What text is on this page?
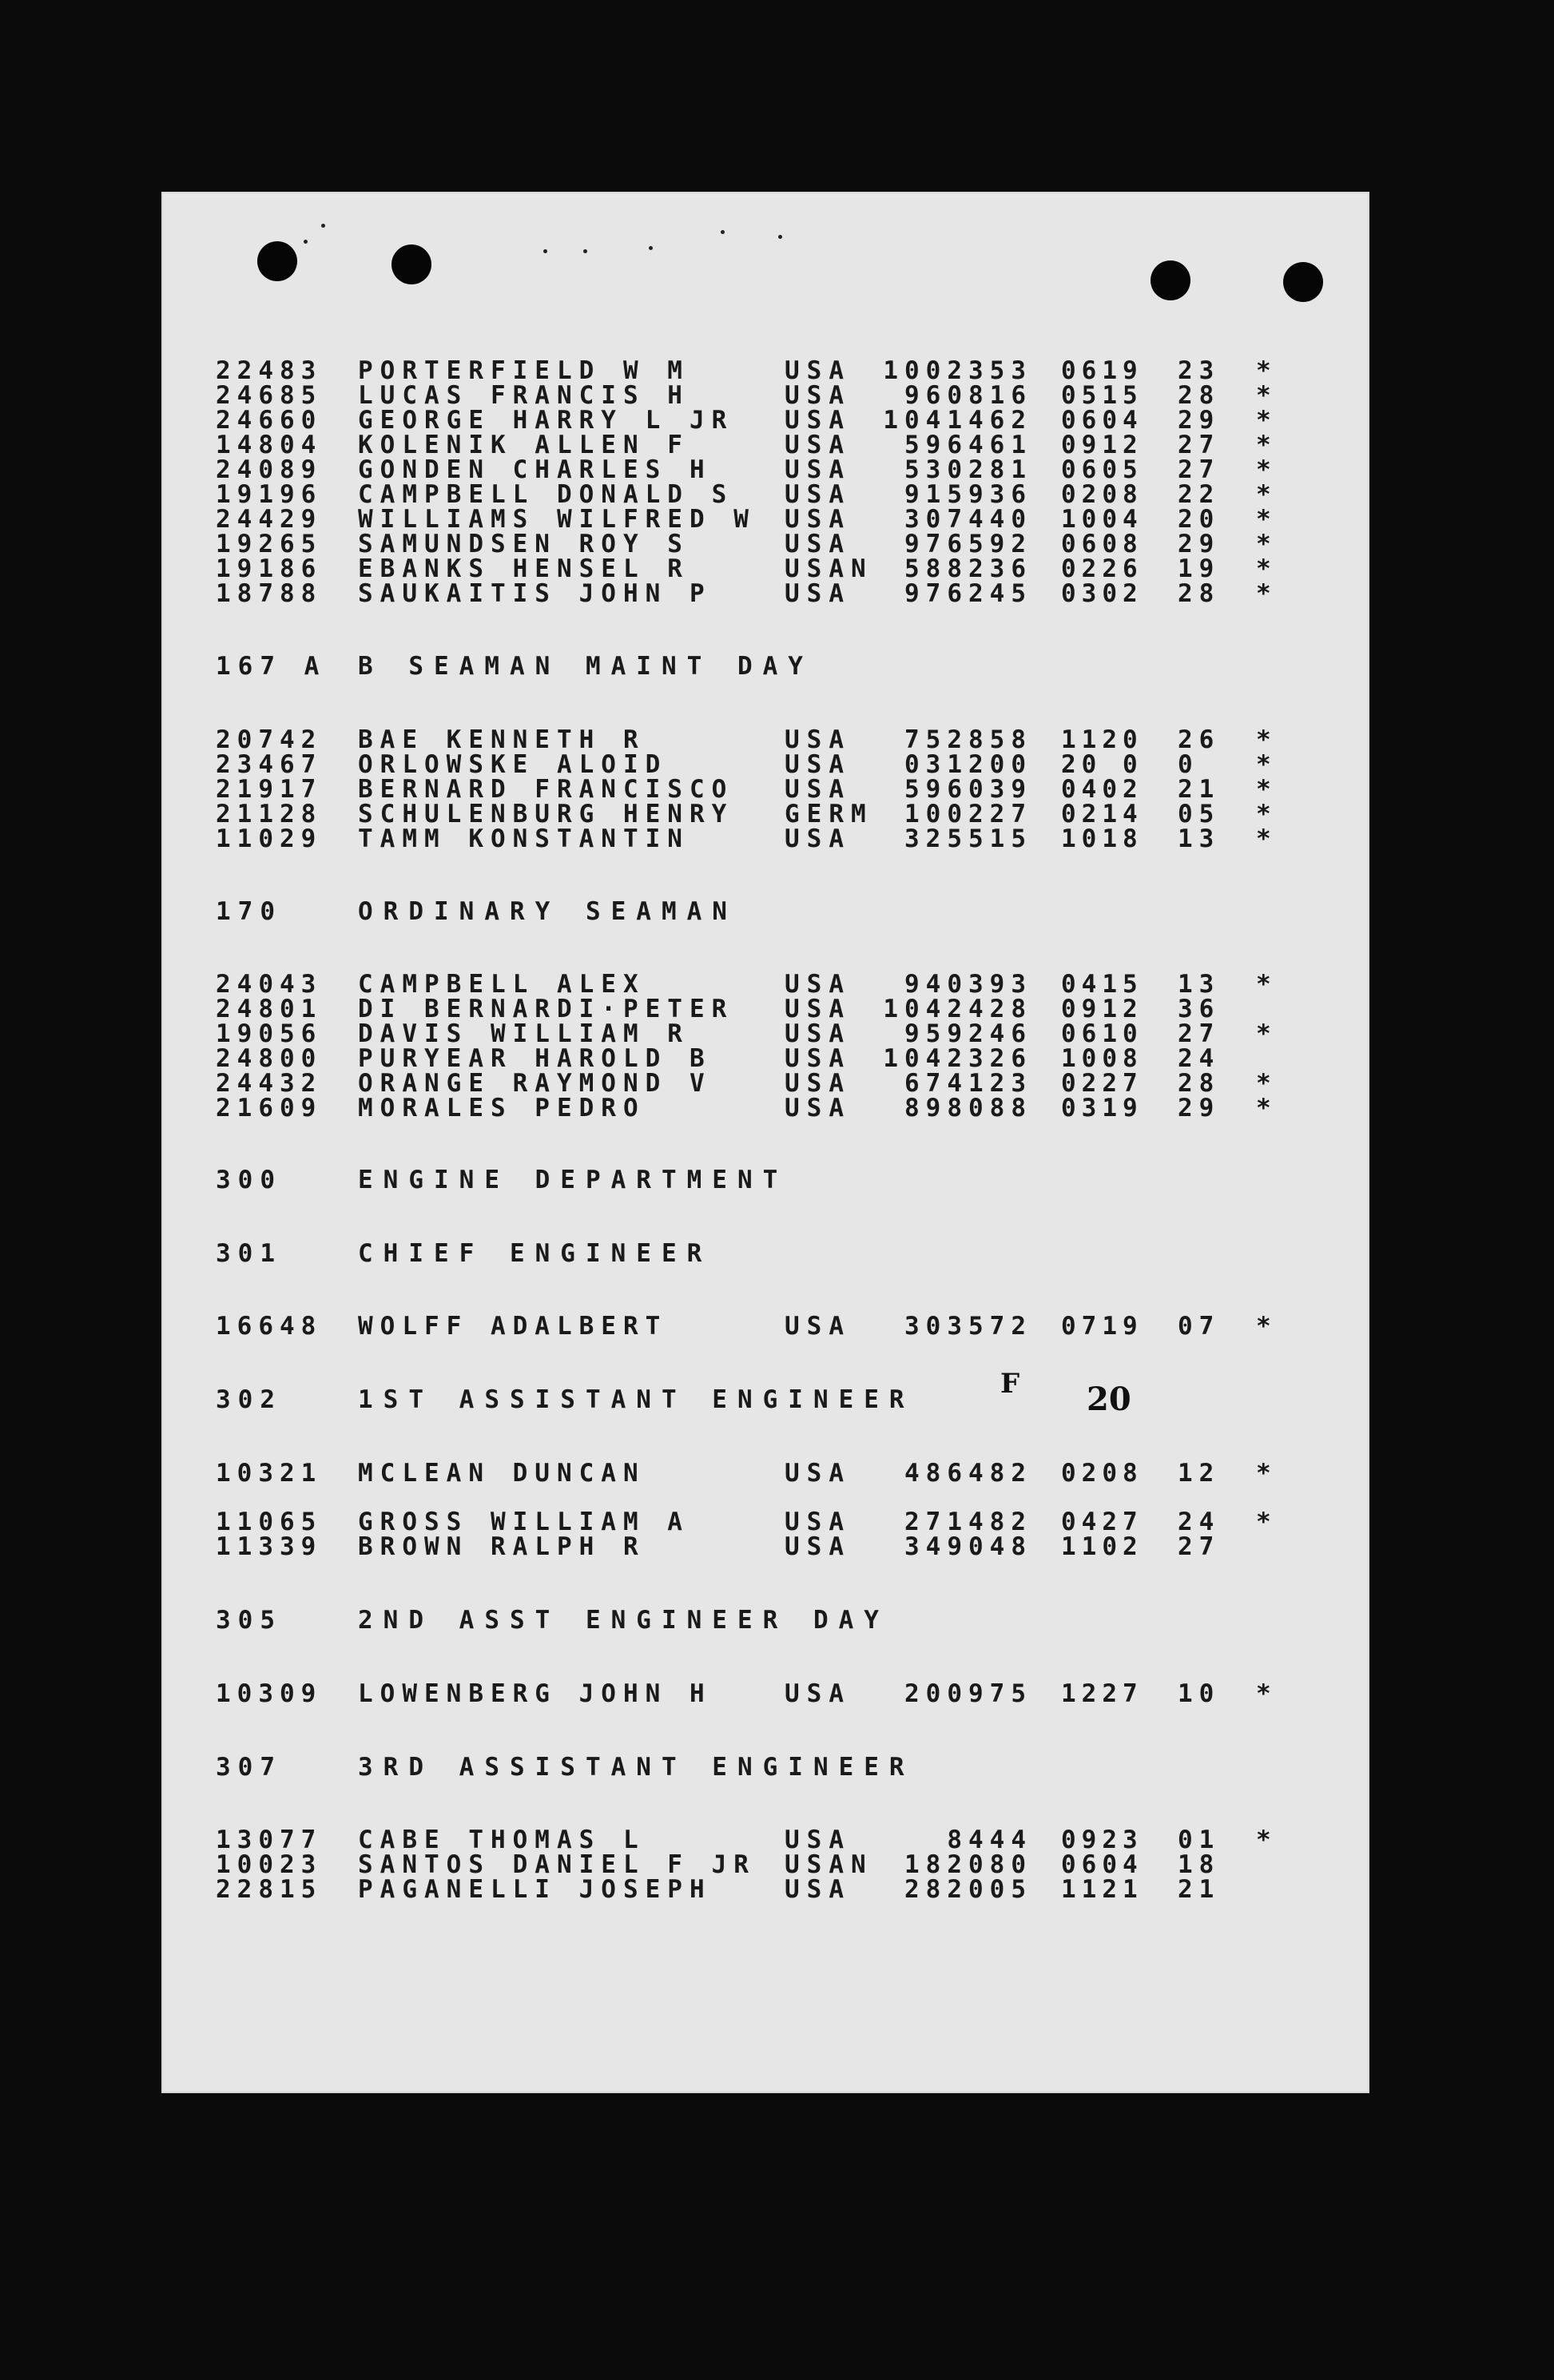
22483	PORTERFIELD W M	USA	1002353 0619	23	*
24685	LUCAS FRANCIS H	USA	960816 0515	28	*
24660	GEORGE HARRY L JR	USA	1041462 0604	29	*
14804	KOLENIK ALLEN F	USA	596461 0912	27	*
24089	GONDEN CHARLES H	USA	530281 0605	27	*
19196	CAMPBELL DONALD S	USA	915936 0208	22	*
24429	WILLIAMS WILFRED W	USA	307440 1004	20	*
19265	SAMUNDSEN ROY S	USA	976592 0608	29	*
19186	EBANKS HENSEL R	USAN	588236 0226	19	*
18788	SAUKAITIS JOHN P	USA	976245 0302	28	*
167 A B SEAMAN MAINT DAY
20742	BAE KENNETH R	USA	752858 1120	26	*
23467	ORLOWSKE ALOID	USA	031200 20 0	0	*
21917	BERNARD FRANCISCO	USA	596039 0402	21	*
21128	SCHULENBURG HENRY	GERM	100227 0214	05	*
11029	TAMM KONSTANTIN	USA	325515 1018	13	*
170	ORDINARY SEAMAN
24043	CAMPBELL ALEX	USA	940393 0415	13	*
24801	DI BERNARDI·PETER	USA	1042428 0912	36
19056	DAVIS WILLIAM R	USA	959246 0610	27	*
24800	PURYEAR HAROLD B	USA	1042326 1008	24
24432	ORANGE RAYMOND V	USA	674123 0227	28	*
21609	MORALES PEDRO	USA	898088 0319	29	*
300	ENGINE DEPARTMENT
301	CHIEF ENGINEER
16648	WOLFF ADALBERT	USA	303572 0719	07	*
302	1ST ASSISTANT ENGINEER
10321	MCLEAN DUNCAN	USA	486482 0208	12	*
11065	GROSS WILLIAM A	USA	271482 0427	24	*
11339	BROWN RALPH R	USA	349048 1102	27
305	2ND ASST ENGINEER DAY
10309	LOWENBERG JOHN H	USA	200975 1227	10	*
307	3RD ASSISTANT ENGINEER
13077	CABE THOMAS L	USA	8444 0923	01	*
10023	SANTOS DANIEL F JR	USAN	182080 0604	18
22815	PAGANELLI JOSEPH	USA	282005 1121	21
F 20
